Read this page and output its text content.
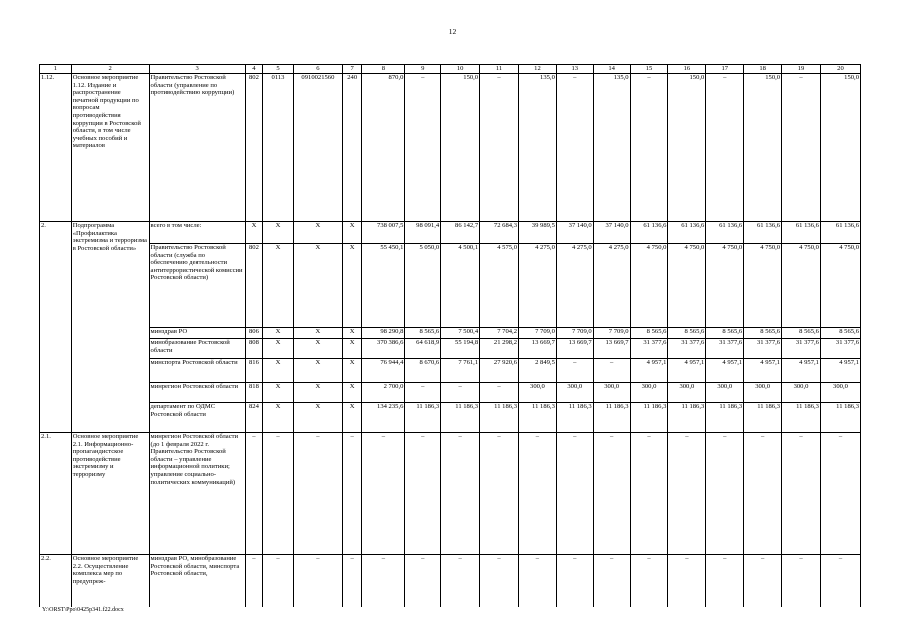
12
1	2	3	4	5	6	7	8	9	10	11	12	13	14	15	16	17	18	19	20
1.12.	Основное мероприятие 1.12. Издание и распространение печатной продукции по вопросам противодействия коррупции в Ростовской области, в том числе учебных пособий и материалов	Правительство Ростовской области (управление по противодействию коррупции)	802	0113	0910021560	240	870,0	–	150,0	–	135,0	–	135,0	–	150,0	–	150,0	–	150,0
2.	Подпрограмма «Профилактика экстремизма и терроризма в Ростовской области»	всего в том числе:	Х	Х	Х	Х	738 007,5	98 091,4	86 142,7	72 684,3	39 989,5	37 140,0	37 140,0	61 136,6	61 136,6	61 136,6	61 136,6	61 136,6	61 136,6
		Правительство Ростовской области (служба по обеспечению деятельности антитеррористической комиссии Ростовской области)	802	Х	Х	Х	55 450,1	5 050,0	4 500,1	4 575,0	4 275,0	4 275,0	4 275,0	4 750,0	4 750,0	4 750,0	4 750,0	4 750,0	4 750,0
		минздрав РО	806	Х	Х	Х	98 290,8	8 565,6	7 500,4	7 704,2	7 709,0	7 709,0	7 709,0	8 565,6	8 565,6	8 565,6	8 565,6	8 565,6	8 565,6
		минобразование Ростовской области	808	Х	Х	Х	370 386,6	64 618,9	55 194,8	21 298,2	13 669,7	13 669,7	13 669,7	31 377,6	31 377,6	31 377,6	31 377,6	31 377,6	31 377,6
		минспорта Ростовской области	816	Х	Х	Х	76 944,4	8 670,6	7 761,1	27 920,6	2 849,5	–	–	4 957,1	4 957,1	4 957,1	4 957,1	4 957,1	4 957,1
		минрегион Ростовской области	818	Х	Х	Х	2 700,0	–	–	–	300,0	300,0	300,0	300,0	300,0	300,0	300,0	300,0	300,0
		департамент по ОДМС Ростовской области	824	Х	Х	Х	134 235,6	11 186,3	11 186,3	11 186,3	11 186,3	11 186,3	11 186,3	11 186,3	11 186,3	11 186,3	11 186,3	11 186,3	11 186,3
2.1.	Основное мероприятие 2.1. Информационно-пропагандистское противодействие экстремизму и терроризму	минрегион Ростовской области (до 1 февраля 2022 г. Правительство Ростовской области – управление информационной политики; управление социально-политических коммуникаций)	–	–	–	–	–	–	–	–	–	–	–	–	–	–	–	–	–
2.2.	Основное мероприятие 2.2. Осуществление комплекса мер по предупреж-	минздрав РО, минобразование Ростовской области, минспорта Ростовской области,	–	–	–	–	–	–	–	–	–	–	–	–	–	–	–	–	–
Y:\ORST\Ppo\0425p341.f22.docx
